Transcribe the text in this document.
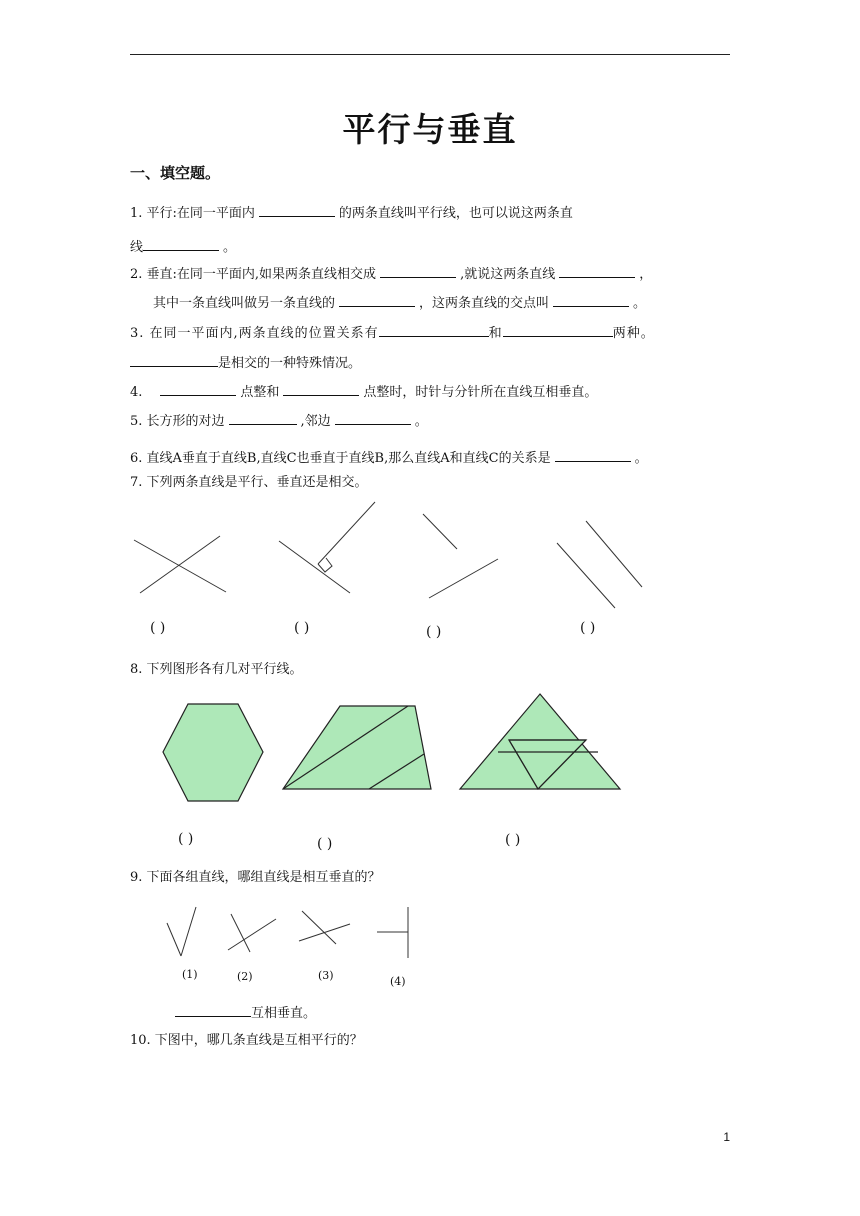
平行与垂直
一、填空题。
1. 平行:在同一平面内	的两条直线叫平行线，也可以说这两条直
线	。
2. 垂直:在同一平面内,如果两条直线相交成	,就说这两条直线	，
其中一条直线叫做另一条直线的	，这两条直线的交点叫	。
3. 在同一平面内,两条直线的位置关系有	和	两种。
是相交的一种特殊情况。
4.	点整和	点整时，时针与分针所在直线互相垂直。
5. 长方形的对边	,邻边	。
6. 直线A垂直于直线B,直线C也垂直于直线B,那么直线A和直线C的关系是	。
7. 下列两条直线是平行、垂直还是相交。
( )	( )	( )	( )
8. 下列图形各有几对平行线。
( )	( )	( )
9. 下面各组直线，哪组直线是相互垂直的？
(1)	(2)	(3)	(4)
互相垂直。
10. 下图中，哪几条直线是互相平行的？
1
